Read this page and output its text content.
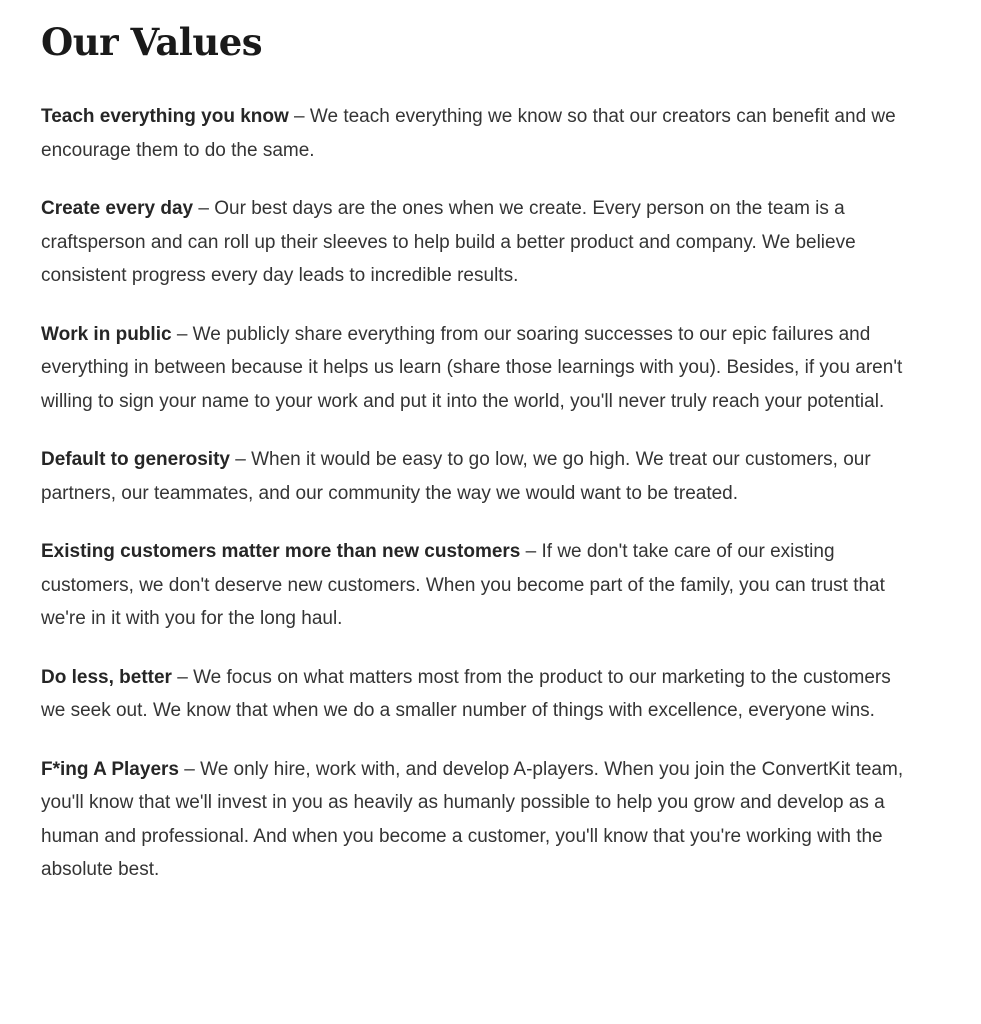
Our Values

Teach everything you know – We teach everything we know so that our creators can benefit and we encourage them to do the same.

Create every day – Our best days are the ones when we create. Every person on the team is a craftsperson and can roll up their sleeves to help build a better product and company. We believe consistent progress every day leads to incredible results.

Work in public – We publicly share everything from our soaring successes to our epic failures and everything in between because it helps us learn (share those learnings with you). Besides, if you aren't willing to sign your name to your work and put it into the world, you'll never truly reach your potential.

Default to generosity – When it would be easy to go low, we go high. We treat our customers, our partners, our teammates, and our community the way we would want to be treated.

Existing customers matter more than new customers – If we don't take care of our existing customers, we don't deserve new customers. When you become part of the family, you can trust that we're in it with you for the long haul.

Do less, better – We focus on what matters most from the product to our marketing to the customers we seek out. We know that when we do a smaller number of things with excellence, everyone wins.

F*ing A Players – We only hire, work with, and develop A-players. When you join the ConvertKit team, you'll know that we'll invest in you as heavily as humanly possible to help you grow and develop as a human and professional. And when you become a customer, you'll know that you're working with the absolute best.
